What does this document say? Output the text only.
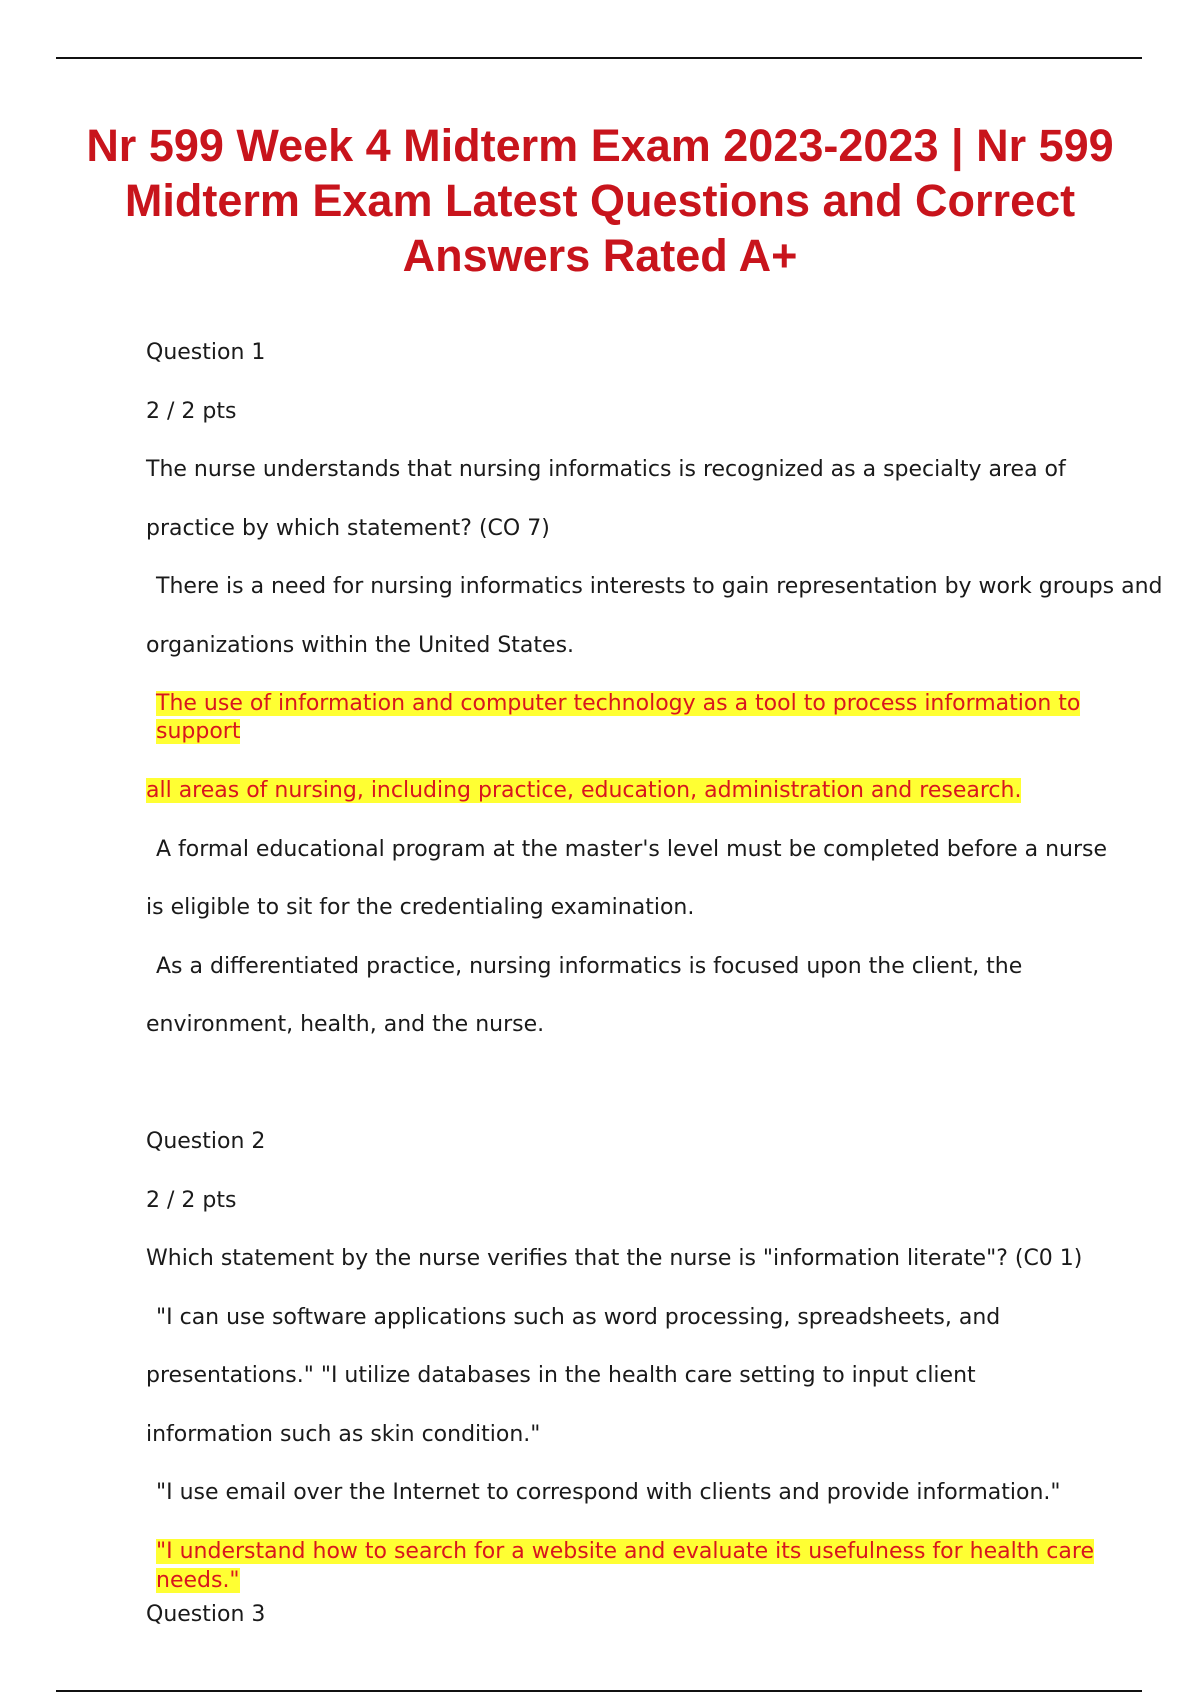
Nr 599 Week 4 Midterm Exam 2023-2023 | Nr 599 Midterm Exam Latest Questions and Correct Answers Rated A+
Question 1
2 / 2 pts
The nurse understands that nursing informatics is recognized as a specialty area of
practice by which statement? (CO 7)
There is a need for nursing informatics interests to gain representation by work groups and
organizations within the United States.
The use of information and computer technology as a tool to process information to
support
all areas of nursing, including practice, education, administration and research.
A formal educational program at the master's level must be completed before a nurse
is eligible to sit for the credentialing examination.
As a differentiated practice, nursing informatics is focused upon the client, the
environment, health, and the nurse.
Question 2
2 / 2 pts
Which statement by the nurse verifies that the nurse is "information literate"? (C0 1)
"I can use software applications such as word processing, spreadsheets, and
presentations." "I utilize databases in the health care setting to input client
information such as skin condition."
"I use email over the Internet to correspond with clients and provide information."
"I understand how to search for a website and evaluate its usefulness for health care
needs."
Question 3
